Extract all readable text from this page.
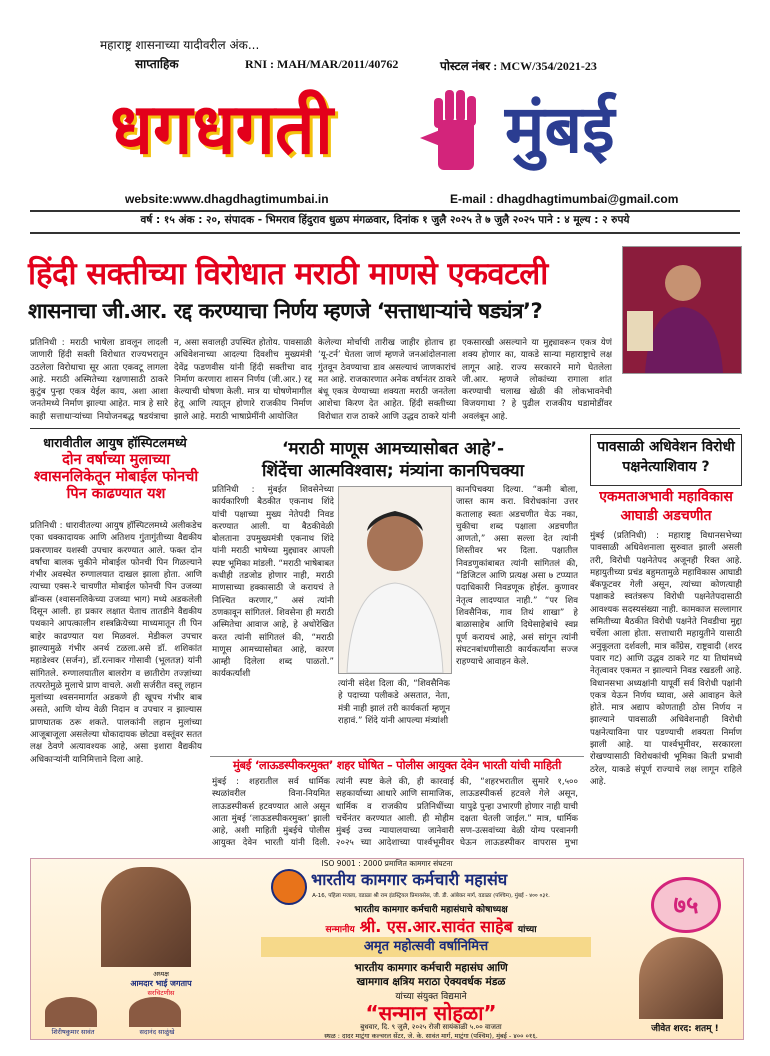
महाराष्ट्र शासनाच्या यादीवरील अंक...
साप्ताहिक	RNI : MAH/MAR/2011/40762	पोस्टल नंबर : MCW/354/2021-23
धगधगती	मुंबई
website:www.dhagdhagtimumbai.in	E-mail : dhagdhagtimumbai@gmail.com
वर्ष : १५ अंक : २०, संपादक - भिमराव हिंदुराव धुळप मंगळवार, दिनांक १ जुलै २०२५ ते ७ जुलै २०२५ पाने : ४ मूल्य : २ रुपये
हिंदी सक्तीच्या विरोधात मराठी माणसे एकवटली
शासनाचा जी.आर. रद्द करण्याचा निर्णय म्हणजे ‘सत्ताधाऱ्यांचे षड्यंत्र’?
प्रतिनिधी : मराठी भाषेला डावलून लादली जाणारी हिंदी सक्ती विरोधात राज्यभरातून उठलेला विरोधाचा सूर आता एकवटू लागला आहे. मराठी अस्मितेच्या रक्षणासाठी ठाकरे कुटुंब पुन्हा एकत्र येईल काय, अशा आशा जनतेमध्ये निर्माण झाल्या आहेत. मात्र हे सारे काही सत्ताधाऱ्यांच्या नियोजनबद्ध षडयंत्राचा
न, असा सवालही उपस्थित होतोय. पावसाळी अधिवेशनाच्या आदल्या दिवशीच मुख्यमंत्री देवेंद्र फडणवीस यांनी हिंदी सक्तीचा वाद निर्माण करणारा शासन निर्णय (जी.आर.) रद्द केल्याची घोषणा केली. मात्र या घोषणेमागील हेतू आणि त्यातून होणारे राजकीय निर्माण झाले आहे. मराठी भाषाप्रेमींनी आयोजित
केलेल्या मोर्चाची तारीख जाहीर होताच हा ‘यू-टर्न’ घेतला जाणं म्हणजे जनआंदोलनाला गुंतवून ठेवण्याचा डाव असल्याचं जाणकारांचं मत आहे. राजकारणात अनेक वर्षानंतर ठाकरे बंधू एकत्र येण्याच्या शक्यता मराठी जनतेला आशेचा किरण देत आहेत. हिंदी सक्तीच्या विरोधात राज ठाकरे आणि उद्धव ठाकरे यांनी
एकसारखी असल्याने या मुद्द्यावरून एकत्र येणं शक्य होणार का, याकडे सान्या महाराष्ट्राचे लक्ष लागून आहे. राज्य सरकारने मागे घेतलेला जी.आर. म्हणजे लोकांच्या रागाला शांत करण्याची चलाख खेळी की लोकभावनेची विजयगाथा ? हे पुढील राजकीय घडामोडींवर अवलंबून आहे.
धारावीतील आयुष हॉस्पिटलमध्ये
दोन वर्षाच्या मुलाच्या श्वासनलिकेतून मोबाईल फोनची पिन काढण्यात यश
प्रतिनिधी : धारावीतल्या आयुष हॉस्पिटलमध्ये अलीकडेच एका धक्कादायक आणि अतिशय गुंतागुंतीच्या वैद्यकीय प्रकरणावर यशस्वी उपचार करण्यात आले. फक्त दोन वर्षांचा बालक चुकीने मोबाईल फोनची पिन गिळल्याने गंभीर अवस्थेत रुग्णालयात दाखल झाला होता. आणि त्याच्या एक्स-रे चाचणीत मोबाईल फोनची पिन उजव्या ब्रॉन्कस (श्वासनलिकेच्या उजव्या भाग) मध्ये अडकलेली दिसून आली. हा प्रकार लक्षात येताच तातडीने वैद्यकीय पथकाने आपत्कालीन शस्त्रक्रियेच्या माध्यमातून ती पिन बाहेर काढण्यात यश मिळवलं. मेडीकल उपचार झाल्यामुळे गंभीर अनर्थ टळला.असे डॉ. शशिकांत महाडेश्वर (सर्जन), डॉ.रत्नाकर गोसावी (भूलतज्ञ) यांनी सांगितले. रुग्णालयातील बालरोग व छातीरोग तज्ज्ञांच्या तत्परतेमुळे मुलाचे प्राण वाचले. अशी सर्जरीत वस्तू लहान मुलांच्या श्वसनमार्गात अडकणे ही खूपच गंभीर बाब असते, आणि योग्य वेळी निदान व उपचार न झाल्यास प्राणघातक ठरू शकते. पालकांनी लहान मुलांच्या आजूबाजूला असलेल्या धोकादायक छोट्या वस्तूंवर सतत लक्ष ठेवणे अत्यावश्यक आहे, असा इशारा वैद्यकीय अधिकाऱ्यांनी यानिमित्ताने दिला आहे.
‘मराठी माणूस आमच्यासोबत आहे’-
शिंदेंचा आत्मविश्वास; मंत्र्यांना कानपिचक्या
प्रतिनिधी : मुंबईत शिवसेनेच्या कार्यकारिणी बैठकीत एकनाथ शिंदे यांची पक्षाच्या मुख्य नेतेपदी निवड करण्यात आली. या बैठकीवेळी बोलताना उपमुख्यमंत्री एकनाथ शिंदे यांनी मराठी भाषेच्या मुद्द्यावर आपली स्पष्ट भूमिका मांडली. “मराठी भाषेबाबत कधीही तडजोड होणार नाही, मराठी माणसाच्या हक्कासाठी जे करायचं ते निश्चित करणार,” असं त्यांनी ठणकावून सांगितलं. शिवसेना ही मराठी अस्मितेचा आवाज आहे, हे अधोरेखित करत त्यांनी सांगितलं की, “मराठी माणूस आमच्यासोबत आहे, कारण आम्ही दिलेला शब्द पाळतो.” कार्यकर्त्यांशी
त्यांनी संदेश दिला की, “शिवसैनिक हे पदाच्या पलीकडे असतात, नेता, मंत्री नाही झालं तरी कार्यकर्ता म्हणून राहावं.” शिंदे यांनी आपल्या मंत्र्यांशी
कानपिचक्या दिल्या. “कमी बोला, जास्त काम करा. विरोधकांना उत्तर कतालाह स्वतः अडचणीत येऊ नका, चुकीचा शब्द पक्षाला अडचणीत आणतो,” असा सल्ला देत त्यांनी शिस्तीवर भर दिला. पक्षातील निवडणुकांबाबत त्यांनी सांगितलं की, “डिजिटल आणि प्रत्यक्ष असा ७ टप्प्यात पदाधिकारी निवडणूक होईल. कुणावर नेतृत्व लादण्यात नाही.” “पर शिव शिवसैनिक, गाव तिथं शाखा” हे बाळासाहेब आणि दिघेसाहेबांचे स्वप्न पूर्ण करायचं आहे, असं सांगून त्यांनी संघटनबांधणीसाठी कार्यकर्त्यांना सज्ज राहण्याचे आवाहन केले.
पावसाळी अधिवेशन विरोधी पक्षनेत्याशिवाय ?
एकमताअभावी महाविकास आघाडी अडचणीत
मुंबई (प्रतिनिधी) : महाराष्ट्र विधानसभेच्या पावसाळी अधिवेशनाला सुरुवात झाली असली तरी, विरोधी पक्षनेतेपद अजूनही रिक्त आहे. महायुतीच्या प्रचंड बहुमतामुळे महाविकास आघाडी बॅकफूटवर गेली असून, त्यांच्या कोणत्याही पक्षाकडे स्वतंत्ररूप विरोधी पक्षनेतेपदासाठी आवश्यक सदस्यसंख्या नाही. कामकाज सल्लागार समितीच्या बैठकीत विरोधी पक्षनेते निवडीचा मुद्दा चर्चेला आला होता. सत्ताधारी महायुतीने यासाठी अनुकूलता दर्शवली, मात्र काँग्रेस, राष्ट्रवादी (शरद पवार गट) आणि उद्धव ठाकरे गट या तिघांमध्ये नेतृत्वावर एकमत न झाल्याने निवड रखडली आहे. विधानसभा अध्यक्षांनी यापूर्वी सर्व विरोधी पक्षांनी एकत्र येऊन निर्णय घ्यावा, असे आवाहन केले होते. मात्र अद्याप कोणताही ठोस निर्णय न झाल्याने पावसाळी अधिवेशनाही विरोधी पक्षनेत्याविना पार पडण्याची शक्यता निर्माण झाली आहे. या पार्श्वभूमीवर, सरकारला रोखण्यासाठी विरोधकांची भूमिका किती प्रभावी ठरेल, याकडे संपूर्ण राज्याचे लक्ष लागून राहिले आहे.
मुंबई ‘लाऊडस्पीकरमुक्त’ शहर घोषित – पोलीस आयुक्त देवेन भारती यांची माहिती
मुंबई : शहरातील सर्व धार्मिक स्थळांवरील विना-नियमित लाऊडस्पीकर्स हटवण्यात आले असून आता मुंबई ‘लाऊडस्पीकरमुक्त’ झाली आहे, अशी माहिती मुंबईचे पोलीस आयुक्त देवेन भारती यांनी दिली.
त्यांनी स्पष्ट केले की, ही कारवाई सहकार्याच्या आधारे आणि सामाजिक, धार्मिक व राजकीय प्रतिनिधींच्या चर्चेनंतर करण्यात आली. ही मोहीम मुंबई उच्च न्यायालयाच्या जानेवारी २०२५ च्या आदेशाच्या पार्श्वभूमीवर
की, “शहरभरातील सुमारे १,५०० लाऊडस्पीकर्स हटवले गेले असून, यापुढे पुन्हा उभारणी होणार नाही याची दक्षता घेतली जाईल.” मात्र, धार्मिक सण-उत्सवांच्या वेळी योग्य परवानगी घेऊन लाऊडस्पीकर वापरास मुभा
ISO 9001 : 2000 प्रमाणित कामगार संघटना
भारतीय कामगार कर्मचारी महासंघ
A-16, पहिला मजला, वडाळा श्री राम इंडस्ट्रियल प्रिमायसेस, जी. डी. आंबेकर मार्ग, वडाळा (पश्चिम), मुंबई - ४०० ०३१.
भारतीय कामगार कर्मचारी महासंघाचे कोषाध्यक्ष
सन्मानीय श्री. एस.आर.सावंत साहेब यांच्या
अमृत महोत्सवी वर्षानिमित्त
भारतीय कामगार कर्मचारी महासंघ आणि
खामगाव क्षत्रिय मराठा ऐक्यवर्धक मंडळ
यांच्या संयुक्त विद्यमाने
“सन्मान सोहळा”
बुधवार, दि. ९ जुलै, २०२५ रोजी सायंकाळी ५.०० वाजता
स्थळ : दादर माटुंगा कल्चरल सेंटर, जे. के. सावंत मार्ग, माटुंगा (पश्चिम), मुंबई - ४०० ०१६.
अध्यक्ष
आमदार भाई जगताप
सरचिटणीस
शिरीषकुमार सावंत	सदानंद साळुंखे
७५
जीवेत शरद: शतम् !
